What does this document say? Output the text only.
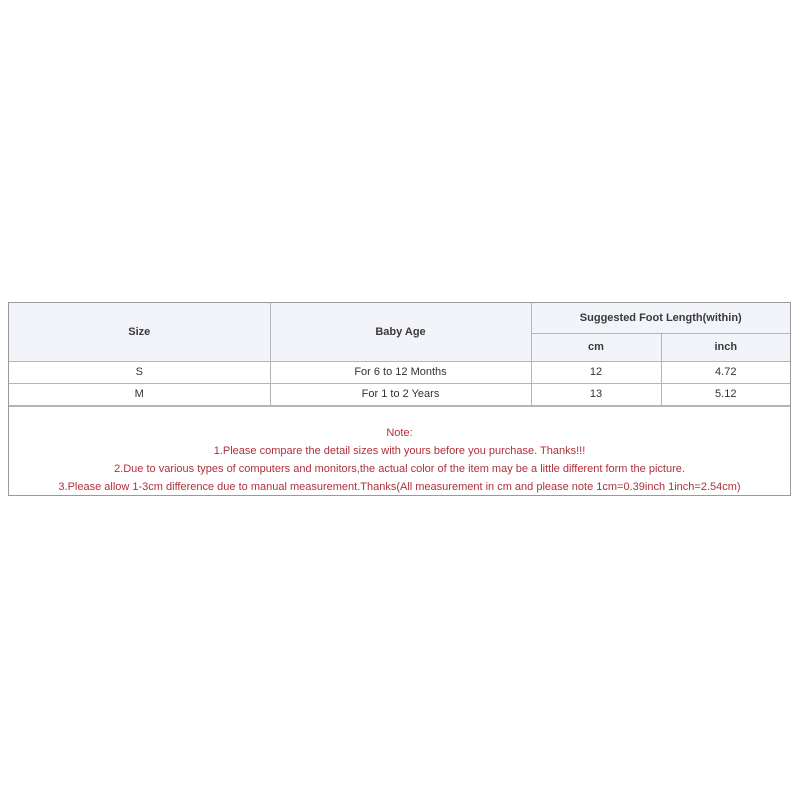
Size	Baby Age	Suggested Foot Length(within)	
		cm	inch
S	For 6 to 12 Months	12	4.72
M	For 1 to 2 Years	13	5.12
Note:
1.Please compare the detail sizes with yours before you purchase. Thanks!!!
2.Due to various types of computers and monitors,the actual color of the item may be a little different form the picture.
3.Please allow 1-3cm difference due to manual measurement.Thanks(All measurement in cm and please note 1cm=0.39inch 1inch=2.54cm)
